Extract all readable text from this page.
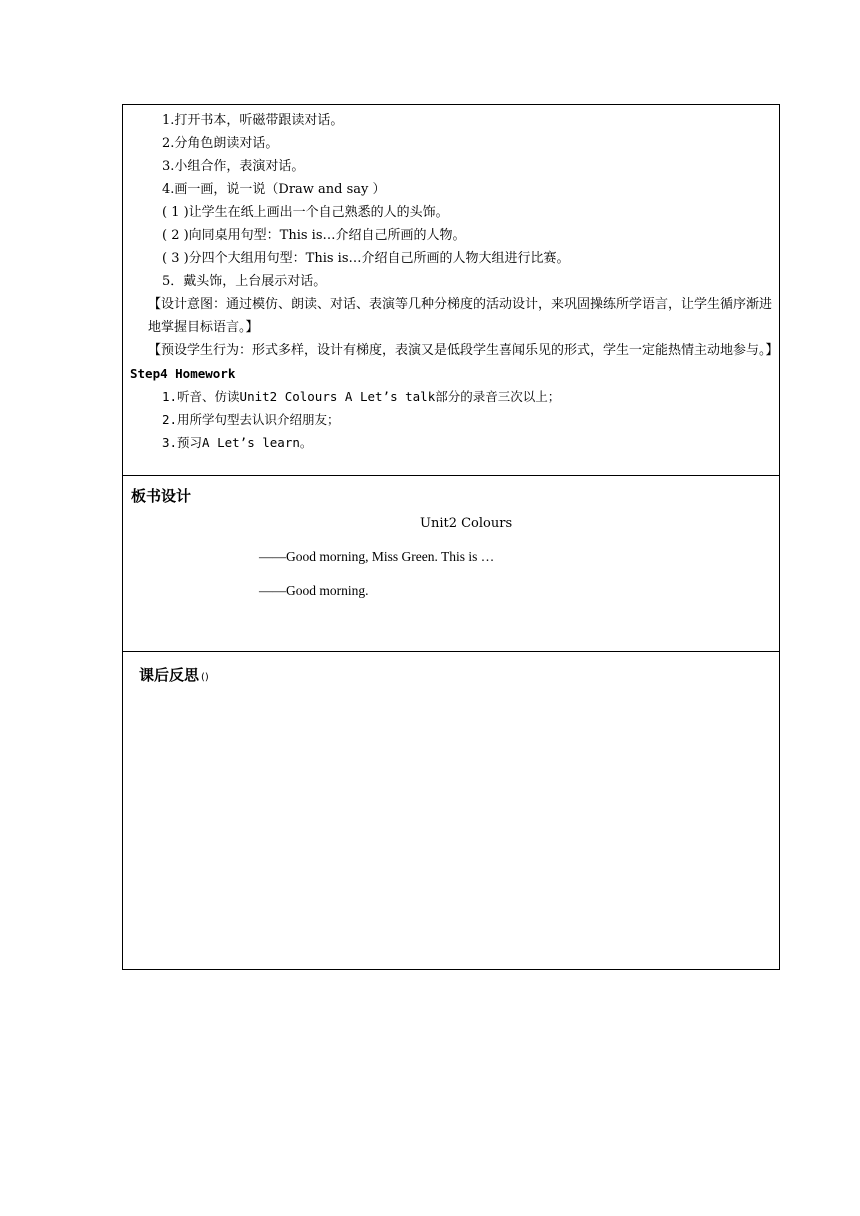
1.打开书本，听磁带跟读对话。
2.分角色朗读对话。
3.小组合作，表演对话。
4.画一画，说一说（Draw and say ）
( 1 )让学生在纸上画出一个自己熟悉的人的头饰。
( 2 )向同桌用句型：This is…介绍自己所画的人物。
( 3 )分四个大组用句型：This is…介绍自己所画的人物大组进行比赛。
5．戴头饰，上台展示对话。
【设计意图：通过模仿、朗读、对话、表演等几种分梯度的活动设计，来巩固操练所学语言，让学生循序渐进地掌握目标语言。】
【预设学生行为：形式多样，设计有梯度，表演又是低段学生喜闻乐见的形式，学生一定能热情主动地参与。】
Step4 Homework
1.听音、仿读Unit2 Colours A Let’s talk部分的录音三次以上；
2.用所学句型去认识介绍朋友；
3.预习A Let’s learn。
板书设计
Unit2 Colours
——Good morning, Miss Green. This is …
——Good morning.
课后反思 ()
